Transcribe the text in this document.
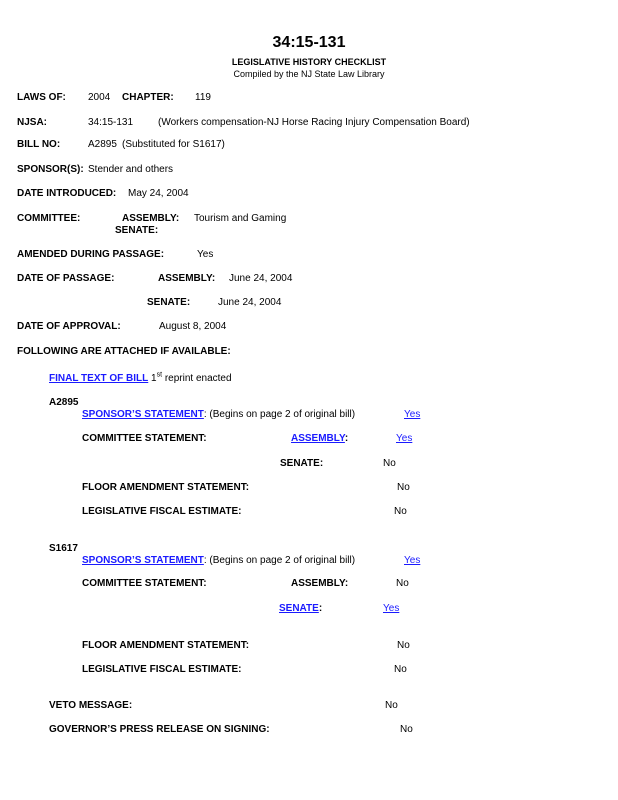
34:15-131
LEGISLATIVE HISTORY CHECKLIST
Compiled by the NJ State Law Library
LAWS OF: 2004 CHAPTER: 119
NJSA:	34:15-131 (Workers compensation-NJ Horse Racing Injury Compensation Board)
BILL NO:	A2895 (Substituted for S1617)
SPONSOR(S): Stender and others
DATE INTRODUCED: May 24, 2004
COMMITTEE:	ASSEMBLY: Tourism and Gaming
SENATE:
AMENDED DURING PASSAGE:	Yes
DATE OF PASSAGE:	ASSEMBLY: June 24, 2004
SENATE:	June 24, 2004
DATE OF APPROVAL:	August 8, 2004
FOLLOWING ARE ATTACHED IF AVAILABLE:
FINAL TEXT OF BILL 1st reprint enacted
A2895
SPONSOR’S STATEMENT: (Begins on page 2 of original bill)	Yes
COMMITTEE STATEMENT:	ASSEMBLY:	Yes
SENATE:	No
FLOOR AMENDMENT STATEMENT:	No
LEGISLATIVE FISCAL ESTIMATE:	No
S1617
SPONSOR’S STATEMENT: (Begins on page 2 of original bill)	Yes
COMMITTEE STATEMENT:	ASSEMBLY:	No
SENATE:	Yes
FLOOR AMENDMENT STATEMENT:	No
LEGISLATIVE FISCAL ESTIMATE:	No
VETO MESSAGE:	No
GOVERNOR’S PRESS RELEASE ON SIGNING:	No
